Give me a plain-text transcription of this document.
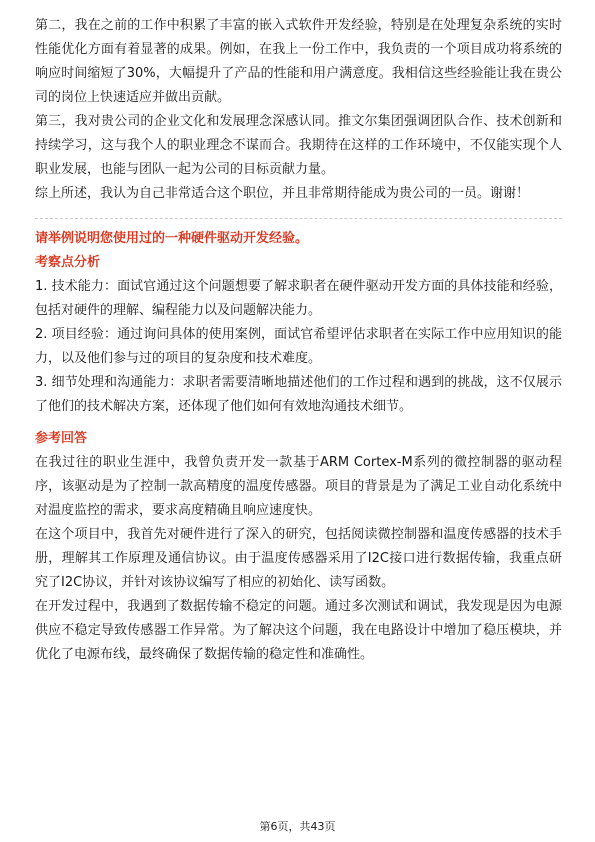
第二，我在之前的工作中积累了丰富的嵌入式软件开发经验，特别是在处理复杂系统的实时性能优化方面有着显著的成果。例如，在我上一份工作中，我负责的一个项目成功将系统的响应时间缩短了30%，大幅提升了产品的性能和用户满意度。我相信这些经验能让我在贵公司的岗位上快速适应并做出贡献。

第三，我对贵公司的企业文化和发展理念深感认同。推文尔集团强调团队合作、技术创新和持续学习，这与我个人的职业理念不谋而合。我期待在这样的工作环境中，不仅能实现个人职业发展，也能与团队一起为公司的目标贡献力量。

综上所述，我认为自己非常适合这个职位，并且非常期待能成为贵公司的一员。谢谢！

请举例说明您使用过的一种硬件驱动开发经验。
考察点分析

1. 技术能力：面试官通过这个问题想要了解求职者在硬件驱动开发方面的具体技能和经验，包括对硬件的理解、编程能力以及问题解决能力。

2. 项目经验：通过询问具体的使用案例，面试官希望评估求职者在实际工作中应用知识的能力，以及他们参与过的项目的复杂度和技术难度。

3. 细节处理和沟通能力：求职者需要清晰地描述他们的工作过程和遇到的挑战，这不仅展示了他们的技术解决方案，还体现了他们如何有效地沟通技术细节。

参考回答

在我过往的职业生涯中，我曾负责开发一款基于ARM Cortex-M系列的微控制器的驱动程序，该驱动是为了控制一款高精度的温度传感器。项目的背景是为了满足工业自动化系统中对温度监控的需求，要求高度精确且响应速度快。

在这个项目中，我首先对硬件进行了深入的研究，包括阅读微控制器和温度传感器的技术手册，理解其工作原理及通信协议。由于温度传感器采用了I2C接口进行数据传输，我重点研究了I2C协议，并针对该协议编写了相应的初始化、读写函数。

在开发过程中，我遇到了数据传输不稳定的问题。通过多次测试和调试，我发现是因为电源供应不稳定导致传感器工作异常。为了解决这个问题，我在电路设计中增加了稳压模块，并优化了电源布线，最终确保了数据传输的稳定性和准确性。

第6页，共43页
